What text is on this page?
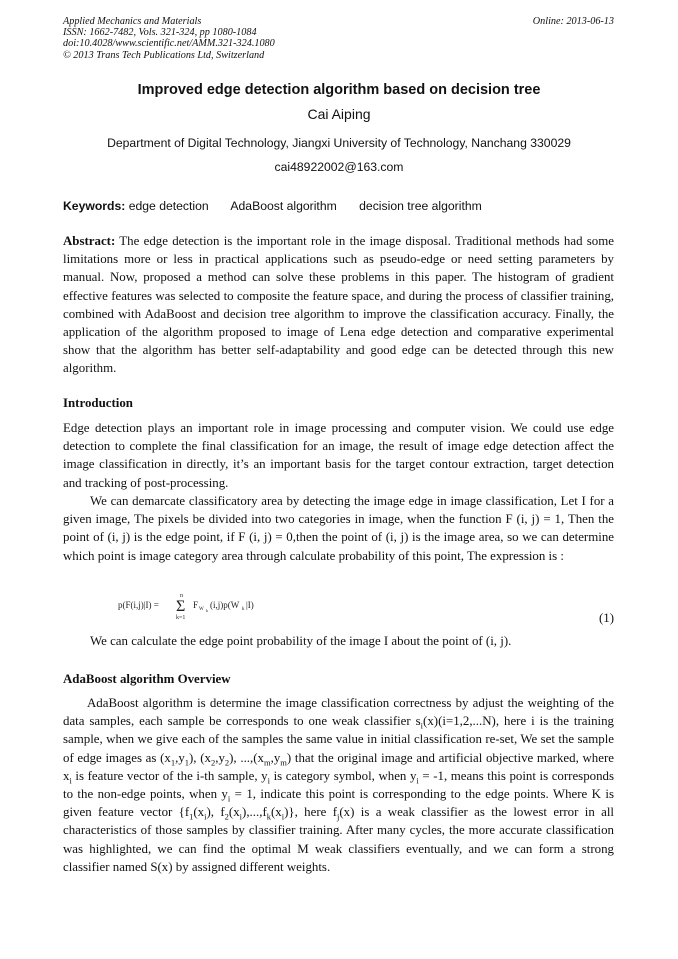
Applied Mechanics and Materials
ISSN: 1662-7482, Vols. 321-324, pp 1080-1084
doi:10.4028/www.scientific.net/AMM.321-324.1080
© 2013 Trans Tech Publications Ltd, Switzerland
Online: 2013-06-13
Improved edge detection algorithm based on decision tree
Cai Aiping
Department of Digital Technology, Jiangxi University of Technology, Nanchang 330029
cai48922002@163.com
Keywords: edge detection AdaBoost algorithm decision tree algorithm
Abstract: The edge detection is the important role in the image disposal. Traditional methods had some limitations more or less in practical applications such as pseudo-edge or need setting parameters by manual. Now, proposed a method can solve these problems in this paper. The histogram of gradient effective features was selected to composite the feature space, and during the process of classifier training, combined with AdaBoost and decision tree algorithm to improve the classification accuracy. Finally, the application of the algorithm proposed to image of Lena edge detection and comparative experimental show that the algorithm has better self-adaptability and good edge can be detected through this new algorithm.
Introduction
Edge detection plays an important role in image processing and computer vision. We could use edge detection to complete the final classification for an image, the result of image edge detection affect the image classification in directly, it’s an important basis for the target contour extraction, target detection and tracking of post-processing.
We can demarcate classificatory area by detecting the image edge in image classification, Let I for a given image, The pixels be divided into two categories in image, when the function F (i, j) = 1, Then the point of (i, j) is the edge point, if F (i, j) = 0,then the point of (i, j) is the image area, so we can determine which point is image category area through calculate probability of this point, The expression is :
p(F(i,j)|I) =
n
Σ
k=1
F W k
(i,j)p(W k |I)
(1)
We can calculate the edge point probability of the image I about the point of (i, j).
AdaBoost algorithm Overview
AdaBoost algorithm is determine the image classification correctness by adjust the weighting of the data samples, each sample be corresponds to one weak classifier $s_i(x)(i=1,2,...N)$, here i is the training sample, when we give each of the samples the same value in initial classification re-set, We set the sample of edge images as $(x_1,y_1)$, $(x_2,y_2)$, $...,(x_m,y_m)$ that the original image and artificial objective marked, where $x_i$ is feature vector of the i-th sample, $y_i$ is category symbol, when $y_i = -1$, means this point is corresponds to the non-edge points, when $y_i = 1$, indicate this point is corresponding to the edge points. Where K is given feature vector {$f_1(x_i)$, $f_2(x_i),...,f_k(x_i)$}, here $f_j(x)$ is a weak classifier as the lowest error in all characteristics of those samples by classifier training. After many cycles, the more accurate classification was highlighted, we can find the optimal M weak classifiers eventually, and we can form a strong classifier named S(x) by assigned different weights.
